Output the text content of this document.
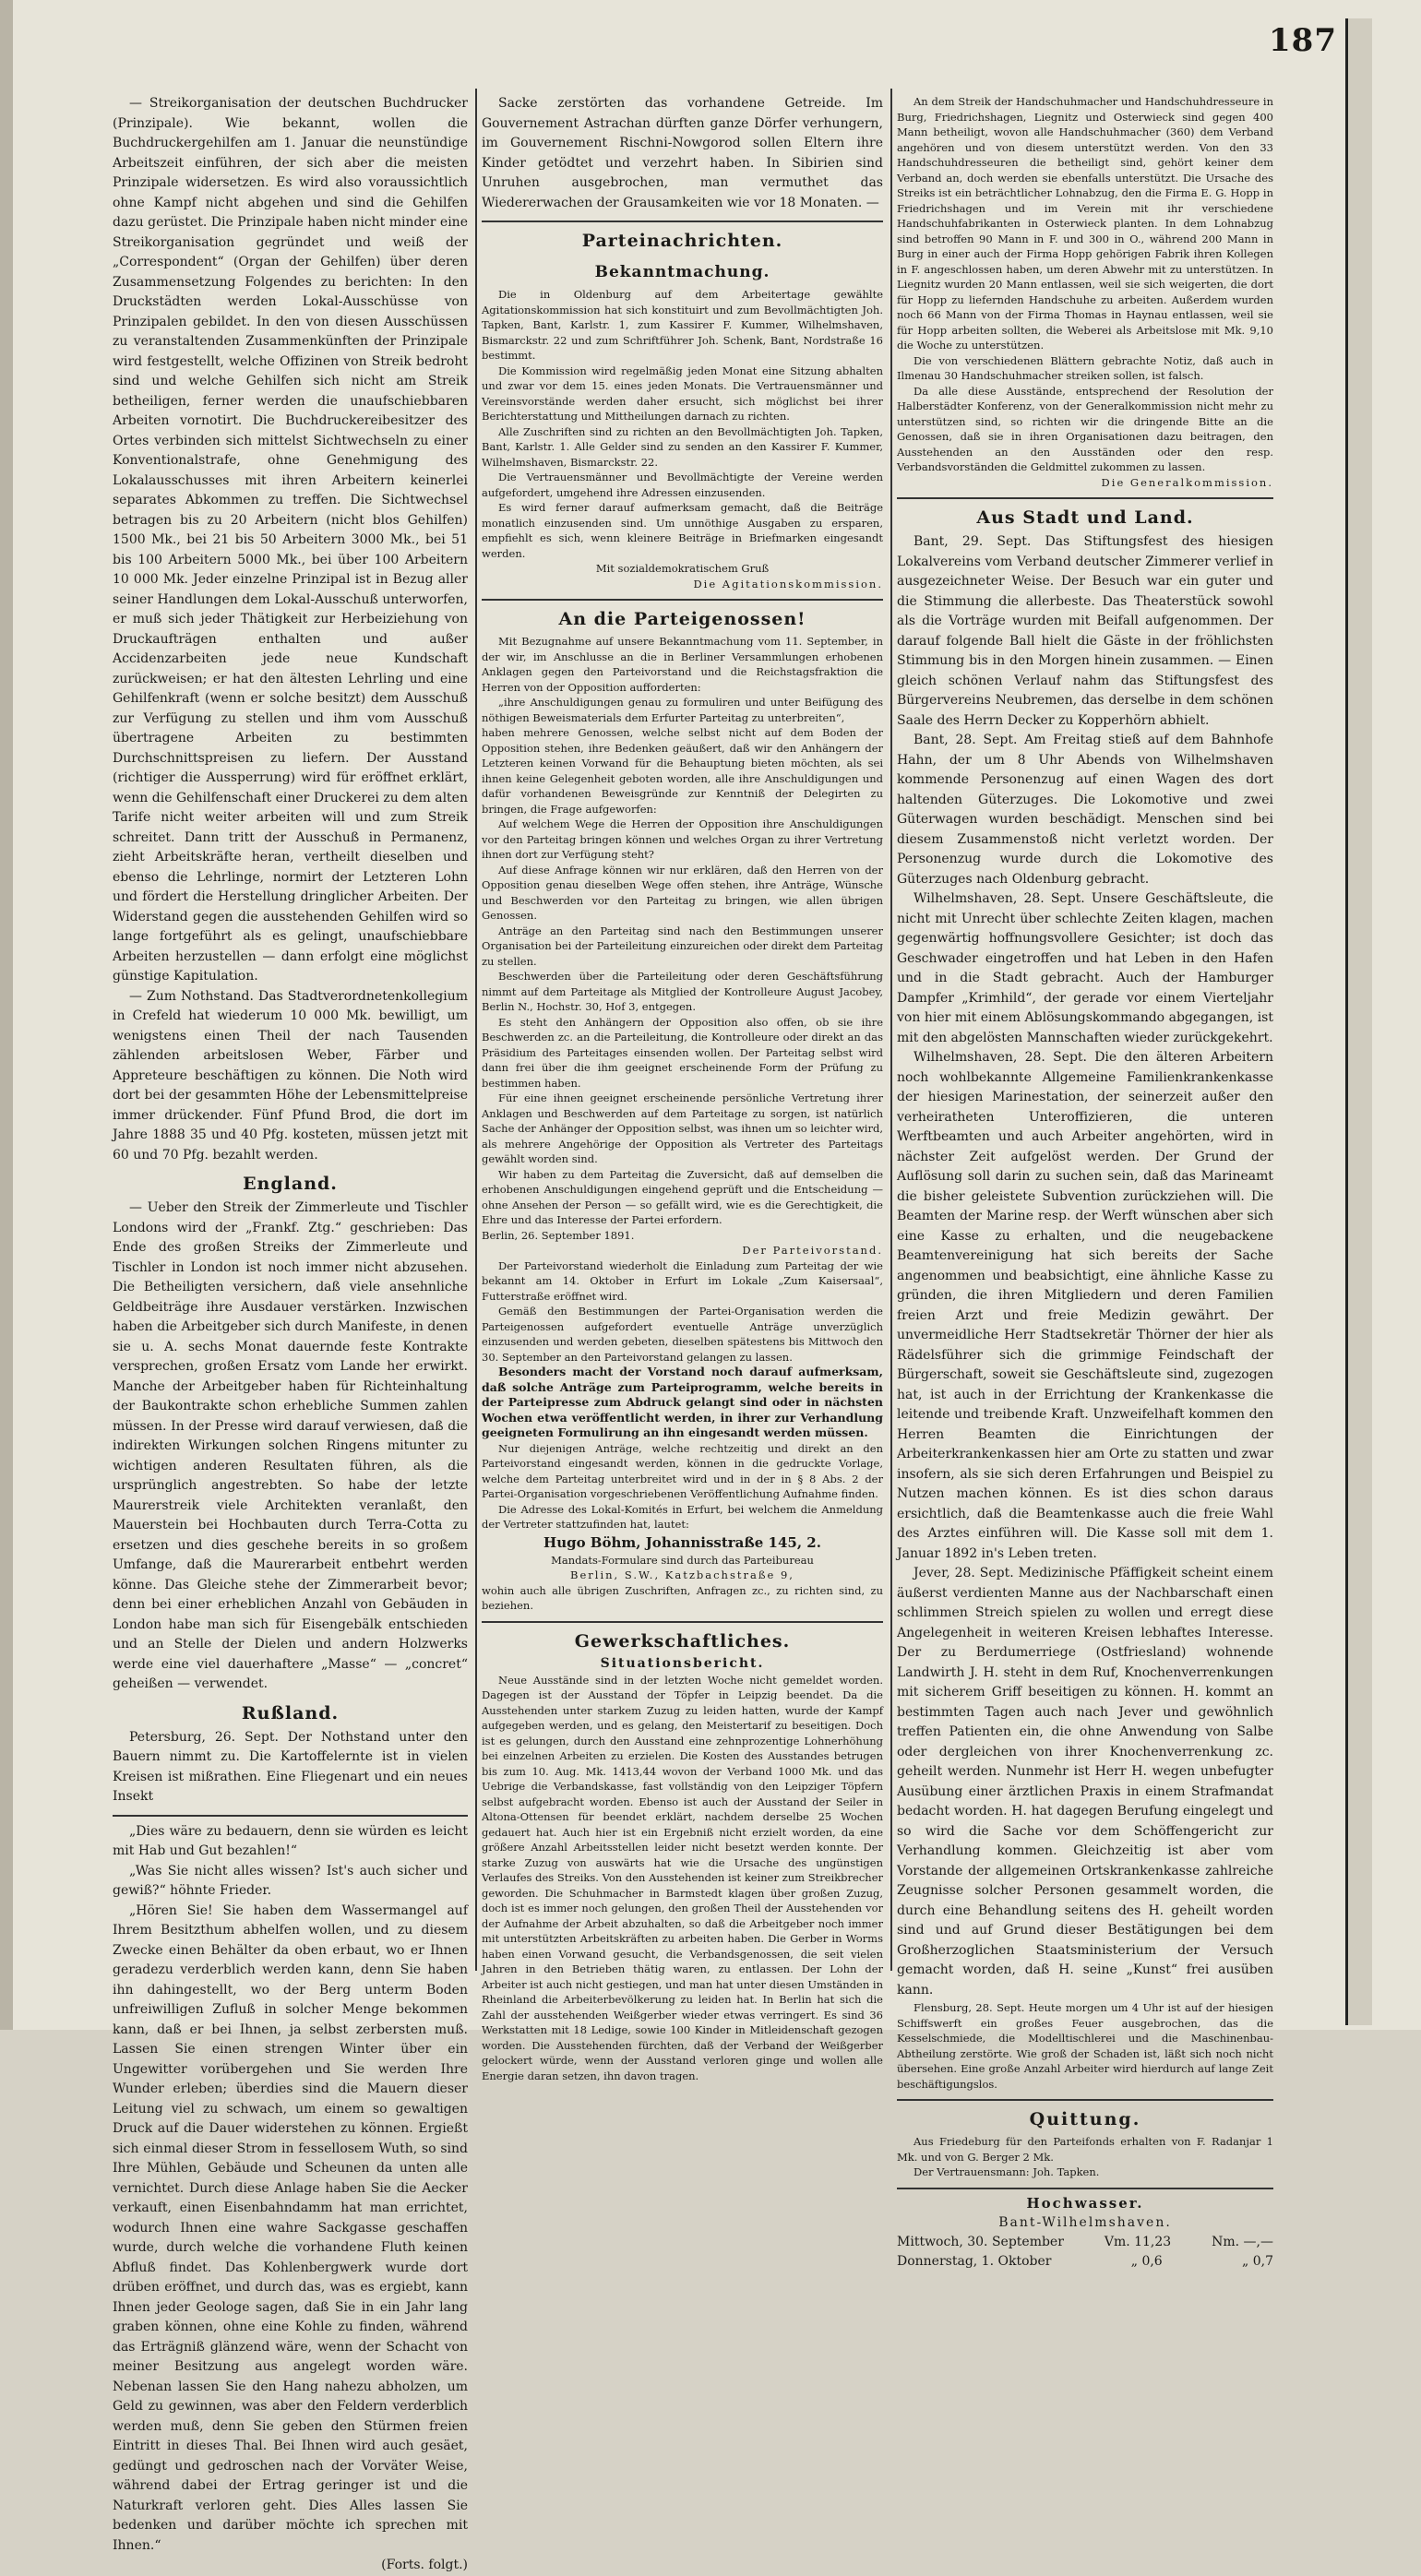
187

— Streikorganisation der deutschen Buchdrucker (Prinzipale). Wie bekannt, wollen die Buchdruckergehilfen am 1. Januar die neunstündige Arbeitszeit einführen, der sich aber die meisten Prinzipale widersetzen. Es wird also voraussichtlich ohne Kampf nicht abgehen und sind die Gehilfen dazu gerüstet. Die Prinzipale haben nicht minder eine Streikorganisation gegründet und weiß der „Correspondent“ (Organ der Gehilfen) über deren Zusammensetzung Folgendes zu berichten: In den Druckstädten werden Lokal-Ausschüsse von Prinzipalen gebildet. In den von diesen Ausschüssen zu veranstaltenden Zusammenkünften der Prinzipale wird festgestellt, welche Offizinen von Streik bedroht sind und welche Gehilfen sich nicht am Streik betheiligen, ferner werden die unaufschiebbaren Arbeiten vornotirt. Die Buchdruckereibesitzer des Ortes verbinden sich mittelst Sichtwechseln zu einer Konventionalstrafe, ohne Genehmigung des Lokalausschusses mit ihren Arbeitern keinerlei separates Abkommen zu treffen. Die Sichtwechsel betragen bis zu 20 Arbeitern (nicht blos Gehilfen) 1500 Mk., bei 21 bis 50 Arbeitern 3000 Mk., bei 51 bis 100 Arbeitern 5000 Mk., bei über 100 Arbeitern 10 000 Mk. Jeder einzelne Prinzipal ist in Bezug aller seiner Handlungen dem Lokal-Ausschuß unterworfen, er muß sich jeder Thätigkeit zur Herbeiziehung von Druckaufträgen enthalten und außer Accidenzarbeiten jede neue Kundschaft zurückweisen; er hat den ältesten Lehrling und eine Gehilfenkraft (wenn er solche besitzt) dem Ausschuß zur Verfügung zu stellen und ihm vom Ausschuß übertragene Arbeiten zu bestimmten Durchschnittspreisen zu liefern. Der Ausstand (richtiger die Aussperrung) wird für eröffnet erklärt, wenn die Gehilfenschaft einer Druckerei zu dem alten Tarife nicht weiter arbeiten will und zum Streik schreitet. Dann tritt der Ausschuß in Permanenz, zieht Arbeitskräfte heran, vertheilt dieselben und ebenso die Lehrlinge, normirt der Letzteren Lohn und fördert die Herstellung dringlicher Arbeiten. Der Widerstand gegen die ausstehenden Gehilfen wird so lange fortgeführt als es gelingt, unaufschiebbare Arbeiten herzustellen — dann erfolgt eine möglichst günstige Kapitulation.

— Zum Nothstand. Das Stadtverordnetenkollegium in Crefeld hat wiederum 10 000 Mk. bewilligt, um wenigstens einen Theil der nach Tausenden zählenden arbeitslosen Weber, Färber und Appreteure beschäftigen zu können. Die Noth wird dort bei der gesammten Höhe der Lebensmittelpreise immer drückender. Fünf Pfund Brod, die dort im Jahre 1888 35 und 40 Pfg. kosteten, müssen jetzt mit 60 und 70 Pfg. bezahlt werden.

England.

— Ueber den Streik der Zimmerleute und Tischler Londons wird der „Frankf. Ztg.“ geschrieben: Das Ende des großen Streiks der Zimmerleute und Tischler in London ist noch immer nicht abzusehen. Die Betheiligten versichern, daß viele ansehnliche Geldbeiträge ihre Ausdauer verstärken. Inzwischen haben die Arbeitgeber sich durch Manifeste, in denen sie u. A. sechs Monat dauernde feste Kontrakte versprechen, großen Ersatz vom Lande her erwirkt. Manche der Arbeitgeber haben für Richteinhaltung der Baukontrakte schon erhebliche Summen zahlen müssen. In der Presse wird darauf verwiesen, daß die indirekten Wirkungen solchen Ringens mitunter zu wichtigen anderen Resultaten führen, als die ursprünglich angestrebten. So habe der letzte Maurerstreik viele Architekten veranlaßt, den Mauerstein bei Hochbauten durch Terra-Cotta zu ersetzen und dies geschehe bereits in so großem Umfange, daß die Maurerarbeit entbehrt werden könne. Das Gleiche stehe der Zimmerarbeit bevor; denn bei einer erheblichen Anzahl von Gebäuden in London habe man sich für Eisengebälk entschieden und an Stelle der Dielen und andern Holzwerks werde eine viel dauerhaftere „Masse“ — „concret“ geheißen — verwendet.

Rußland.

Petersburg, 26. Sept. Der Nothstand unter den Bauern nimmt zu. Die Kartoffelernte ist in vielen Kreisen ist mißrathen. Eine Fliegenart und ein neues Insekt

„Dies wäre zu bedauern, denn sie würden es leicht mit Hab und Gut bezahlen!“

„Was Sie nicht alles wissen? Ist's auch sicher und gewiß?“ höhnte Frieder.

„Hören Sie! Sie haben dem Wassermangel auf Ihrem Besitzthum abhelfen wollen, und zu diesem Zwecke einen Behälter da oben erbaut, wo er Ihnen geradezu verderblich werden kann, denn Sie haben ihn dahingestellt, wo der Berg unterm Boden unfreiwilligen Zufluß in solcher Menge bekommen kann, daß er bei Ihnen, ja selbst zerbersten muß. Lassen Sie einen strengen Winter über ein Ungewitter vorübergehen und Sie werden Ihre Wunder erleben; überdies sind die Mauern dieser Leitung viel zu schwach, um einem so gewaltigen Druck auf die Dauer widerstehen zu können. Ergießt sich einmal dieser Strom in fessellosem Wuth, so sind Ihre Mühlen, Gebäude und Scheunen da unten alle vernichtet. Durch diese Anlage haben Sie die Aecker verkauft, einen Eisenbahndamm hat man errichtet, wodurch Ihnen eine wahre Sackgasse geschaffen wurde, durch welche die vorhandene Fluth keinen Abfluß findet. Das Kohlenbergwerk wurde dort drüben eröffnet, und durch das, was es ergiebt, kann Ihnen jeder Geologe sagen, daß Sie in ein Jahr lang graben können, ohne eine Kohle zu finden, während das Erträgniß glänzend wäre, wenn der Schacht von meiner Besitzung aus angelegt worden wäre. Nebenan lassen Sie den Hang nahezu abholzen, um Geld zu gewinnen, was aber den Feldern verderblich werden muß, denn Sie geben den Stürmen freien Eintritt in dieses Thal. Bei Ihnen wird auch gesäet, gedüngt und gedroschen nach der Vorväter Weise, während dabei der Ertrag geringer ist und die Naturkraft verloren geht. Dies Alles lassen Sie bedenken und darüber möchte ich sprechen mit Ihnen.“

(Forts. folgt.)

Sacke zerstörten das vorhandene Getreide. Im Gouvernement Astrachan dürften ganze Dörfer verhungern, im Gouvernement Rischni-Nowgorod sollen Eltern ihre Kinder getödtet und verzehrt haben. In Sibirien sind Unruhen ausgebrochen, man vermuthet das Wiedererwachen der Grausamkeiten wie vor 18 Monaten. —

Parteinachrichten.
Bekanntmachung.

Die in Oldenburg auf dem Arbeitertage gewählte Agitationskommission hat sich konstituirt und zum Bevollmächtigten Joh. Tapken, Bant, Karlstr. 1, zum Kassirer F. Kummer, Wilhelmshaven, Bismarckstr. 22 und zum Schriftführer Joh. Schenk, Bant, Nordstraße 16 bestimmt.

Die Kommission wird regelmäßig jeden Monat eine Sitzung abhalten und zwar vor dem 15. eines jeden Monats. Die Vertrauensmänner und Vereinsvorstände werden daher ersucht, sich möglichst bei ihrer Berichterstattung und Mittheilungen darnach zu richten.

Alle Zuschriften sind zu richten an den Bevollmächtigten Joh. Tapken, Bant, Karlstr. 1. Alle Gelder sind zu senden an den Kassirer F. Kummer, Wilhelmshaven, Bismarckstr. 22.

Die Vertrauensmänner und Bevollmächtigte der Vereine werden aufgefordert, umgehend ihre Adressen einzusenden.

Es wird ferner darauf aufmerksam gemacht, daß die Beiträge monatlich einzusenden sind. Um unnöthige Ausgaben zu ersparen, empfiehlt es sich, wenn kleinere Beiträge in Briefmarken eingesandt werden.

Mit sozialdemokratischem Gruß

Die Agitationskommission.

An die Parteigenossen!

Mit Bezugnahme auf unsere Bekanntmachung vom 11. September, in der wir, im Anschlusse an die in Berliner Versammlungen erhobenen Anklagen gegen den Parteivorstand und die Reichstagsfraktion die Herren von der Opposition aufforderten:

„ihre Anschuldigungen genau zu formuliren und unter Beifügung des nöthigen Beweismaterials dem Erfurter Parteitag zu unterbreiten“,

haben mehrere Genossen, welche selbst nicht auf dem Boden der Opposition stehen, ihre Bedenken geäußert, daß wir den Anhängern der Letzteren keinen Vorwand für die Behauptung bieten möchten, als sei ihnen keine Gelegenheit geboten worden, alle ihre Anschuldigungen und dafür vorhandenen Beweisgründe zur Kenntniß der Delegirten zu bringen, die Frage aufgeworfen:

Auf welchem Wege die Herren der Opposition ihre Anschuldigungen vor den Parteitag bringen können und welches Organ zu ihrer Vertretung ihnen dort zur Verfügung steht?

Auf diese Anfrage können wir nur erklären, daß den Herren von der Opposition genau dieselben Wege offen stehen, ihre Anträge, Wünsche und Beschwerden vor den Parteitag zu bringen, wie allen übrigen Genossen.

Anträge an den Parteitag sind nach den Bestimmungen unserer Organisation bei der Parteileitung einzureichen oder direkt dem Parteitag zu stellen.

Beschwerden über die Parteileitung oder deren Geschäftsführung nimmt auf dem Parteitage als Mitglied der Kontrolleure August Jacobey, Berlin N., Hochstr. 30, Hof 3, entgegen.

Es steht den Anhängern der Opposition also offen, ob sie ihre Beschwerden zc. an die Parteileitung, die Kontrolleure oder direkt an das Präsidium des Parteitages einsenden wollen. Der Parteitag selbst wird dann frei über die ihm geeignet erscheinende Form der Prüfung zu bestimmen haben.

Für eine ihnen geeignet erscheinende persönliche Vertretung ihrer Anklagen und Beschwerden auf dem Parteitage zu sorgen, ist natürlich Sache der Anhänger der Opposition selbst, was ihnen um so leichter wird, als mehrere Angehörige der Opposition als Vertreter des Parteitags gewählt worden sind.

Wir haben zu dem Parteitag die Zuversicht, daß auf demselben die erhobenen Anschuldigungen eingehend geprüft und die Entscheidung — ohne Ansehen der Person — so gefällt wird, wie es die Gerechtigkeit, die Ehre und das Interesse der Partei erfordern.

Berlin, 26. September 1891.

Der Parteivorstand.

Der Parteivorstand wiederholt die Einladung zum Parteitag der wie bekannt am 14. Oktober in Erfurt im Lokale „Zum Kaisersaal“, Futterstraße eröffnet wird.

Gemäß den Bestimmungen der Partei-Organisation werden die Parteigenossen aufgefordert eventuelle Anträge unverzüglich einzusenden und werden gebeten, dieselben spätestens bis Mittwoch den 30. September an den Parteivorstand gelangen zu lassen.

Besonders macht der Vorstand noch darauf aufmerksam, daß solche Anträge zum Parteiprogramm, welche bereits in der Parteipresse zum Abdruck gelangt sind oder in nächsten Wochen etwa veröffentlicht werden, in ihrer zur Verhandlung geeigneten Formulirung an ihn eingesandt werden müssen.

Nur diejenigen Anträge, welche rechtzeitig und direkt an den Parteivorstand eingesandt werden, können in die gedruckte Vorlage, welche dem Parteitag unterbreitet wird und in der in § 8 Abs. 2 der Partei-Organisation vorgeschriebenen Veröffentlichung Aufnahme finden.

Die Adresse des Lokal-Komités in Erfurt, bei welchem die Anmeldung der Vertreter stattzufinden hat, lautet:

Hugo Böhm, Johannisstraße 145, 2.

Mandats-Formulare sind durch das Parteibureau

Berlin, S.W., Katzbachstraße 9,

wohin auch alle übrigen Zuschriften, Anfragen zc., zu richten sind, zu beziehen.

Gewerkschaftliches.
Situationsbericht.

Neue Ausstände sind in der letzten Woche nicht gemeldet worden. Dagegen ist der Ausstand der Töpfer in Leipzig beendet. Da die Ausstehenden unter starkem Zuzug zu leiden hatten, wurde der Kampf aufgegeben werden, und es gelang, den Meistertarif zu beseitigen. Doch ist es gelungen, durch den Ausstand eine zehnprozentige Lohnerhöhung bei einzelnen Arbeiten zu erzielen. Die Kosten des Ausstandes betrugen bis zum 10. Aug. Mk. 1413,44 wovon der Verband 1000 Mk. und das Uebrige die Verbandskasse, fast vollständig von den Leipziger Töpfern selbst aufgebracht worden. Ebenso ist auch der Ausstand der Seiler in Altona-Ottensen für beendet erklärt, nachdem derselbe 25 Wochen gedauert hat. Auch hier ist ein Ergebniß nicht erzielt worden, da eine größere Anzahl Arbeitsstellen leider nicht besetzt werden konnte. Der starke Zuzug von auswärts hat wie die Ursache des ungünstigen Verlaufes des Streiks. Von den Ausstehenden ist keiner zum Streikbrecher geworden. Die Schuhmacher in Barmstedt klagen über großen Zuzug, doch ist es immer noch gelungen, den großen Theil der Ausstehenden vor der Aufnahme der Arbeit abzuhalten, so daß die Arbeitgeber noch immer mit unterstützten Arbeitskräften zu arbeiten haben. Die Gerber in Worms haben einen Vorwand gesucht, die Verbandsgenossen, die seit vielen Jahren in den Betrieben thätig waren, zu entlassen. Der Lohn der Arbeiter ist auch nicht gestiegen, und man hat unter diesen Umständen in Rheinland die Arbeiterbevölkerung zu leiden hat. In Berlin hat sich die Zahl der ausstehenden Weißgerber wieder etwas verringert. Es sind 36 Werkstatten mit 18 Ledige, sowie 100 Kinder in Mitleidenschaft gezogen worden. Die Ausstehenden fürchten, daß der Verband der Weißgerber gelockert würde, wenn der Ausstand verloren ginge und wollen alle Energie daran setzen, ihn davon tragen.

An dem Streik der Handschuhmacher und Handschuhdresseure in Burg, Friedrichshagen, Liegnitz und Osterwieck sind gegen 400 Mann betheiligt, wovon alle Handschuhmacher (360) dem Verband angehören und von diesem unterstützt werden. Von den 33 Handschuhdresseuren die betheiligt sind, gehört keiner dem Verband an, doch werden sie ebenfalls unterstützt. Die Ursache des Streiks ist ein beträchtlicher Lohnabzug, den die Firma E. G. Hopp in Friedrichshagen und im Verein mit ihr verschiedene Handschuhfabrikanten in Osterwieck planten. In dem Lohnabzug sind betroffen 90 Mann in F. und 300 in O., während 200 Mann in Burg in einer auch der Firma Hopp gehörigen Fabrik ihren Kollegen in F. angeschlossen haben, um deren Abwehr mit zu unterstützen. In Liegnitz wurden 20 Mann entlassen, weil sie sich weigerten, die dort für Hopp zu liefernden Handschuhe zu arbeiten. Außerdem wurden noch 66 Mann von der Firma Thomas in Haynau entlassen, weil sie für Hopp arbeiten sollten, die Weberei als Arbeitslose mit Mk. 9,10 die Woche zu unterstützen.

Die von verschiedenen Blättern gebrachte Notiz, daß auch in Ilmenau 30 Handschuhmacher streiken sollen, ist falsch.

Da alle diese Ausstände, entsprechend der Resolution der Halberstädter Konferenz, von der Generalkommission nicht mehr zu unterstützen sind, so richten wir die dringende Bitte an die Genossen, daß sie in ihren Organisationen dazu beitragen, den Ausstehenden an den Ausständen oder den resp. Verbandsvorständen die Geldmittel zukommen zu lassen.

Die Generalkommission.

Aus Stadt und Land.

Bant, 29. Sept. Das Stiftungsfest des hiesigen Lokalvereins vom Verband deutscher Zimmerer verlief in ausgezeichneter Weise. Der Besuch war ein guter und die Stimmung die allerbeste. Das Theaterstück sowohl als die Vorträge wurden mit Beifall aufgenommen. Der darauf folgende Ball hielt die Gäste in der fröhlichsten Stimmung bis in den Morgen hinein zusammen. — Einen gleich schönen Verlauf nahm das Stiftungsfest des Bürgervereins Neubremen, das derselbe in dem schönen Saale des Herrn Decker zu Kopperhörn abhielt.

Bant, 28. Sept. Am Freitag stieß auf dem Bahnhofe Hahn, der um 8 Uhr Abends von Wilhelmshaven kommende Personenzug auf einen Wagen des dort haltenden Güterzuges. Die Lokomotive und zwei Güterwagen wurden beschädigt. Menschen sind bei diesem Zusammenstoß nicht verletzt worden. Der Personenzug wurde durch die Lokomotive des Güterzuges nach Oldenburg gebracht.

Wilhelmshaven, 28. Sept. Unsere Geschäftsleute, die nicht mit Unrecht über schlechte Zeiten klagen, machen gegenwärtig hoffnungsvollere Gesichter; ist doch das Geschwader eingetroffen und hat Leben in den Hafen und in die Stadt gebracht. Auch der Hamburger Dampfer „Krimhild“, der gerade vor einem Vierteljahr von hier mit einem Ablösungskommando abgegangen, ist mit den abgelösten Mannschaften wieder zurückgekehrt.

Wilhelmshaven, 28. Sept. Die den älteren Arbeitern noch wohlbekannte Allgemeine Familienkrankenkasse der hiesigen Marinestation, der seinerzeit außer den verheiratheten Unteroffizieren, die unteren Werftbeamten und auch Arbeiter angehörten, wird in nächster Zeit aufgelöst werden. Der Grund der Auflösung soll darin zu suchen sein, daß das Marineamt die bisher geleistete Subvention zurückziehen will. Die Beamten der Marine resp. der Werft wünschen aber sich eine Kasse zu erhalten, und die neugebackene Beamtenvereinigung hat sich bereits der Sache angenommen und beabsichtigt, eine ähnliche Kasse zu gründen, die ihren Mitgliedern und deren Familien freien Arzt und freie Medizin gewährt. Der unvermeidliche Herr Stadtsekretär Thörner der hier als Rädelsführer sich die grimmige Feindschaft der Bürgerschaft, soweit sie Geschäftsleute sind, zugezogen hat, ist auch in der Errichtung der Krankenkasse die leitende und treibende Kraft. Unzweifelhaft kommen den Herren Beamten die Einrichtungen der Arbeiterkrankenkassen hier am Orte zu statten und zwar insofern, als sie sich deren Erfahrungen und Beispiel zu Nutzen machen können. Es ist dies schon daraus ersichtlich, daß die Beamtenkasse auch die freie Wahl des Arztes einführen will. Die Kasse soll mit dem 1. Januar 1892 in's Leben treten.

Jever, 28. Sept. Medizinische Pfäffigkeit scheint einem äußerst verdienten Manne aus der Nachbarschaft einen schlimmen Streich spielen zu wollen und erregt diese Angelegenheit in weiteren Kreisen lebhaftes Interesse. Der zu Berdumerriege (Ostfriesland) wohnende Landwirth J. H. steht in dem Ruf, Knochenverrenkungen mit sicherem Griff beseitigen zu können. H. kommt an bestimmten Tagen auch nach Jever und gewöhnlich treffen Patienten ein, die ohne Anwendung von Salbe oder dergleichen von ihrer Knochenverrenkung zc. geheilt werden. Nunmehr ist Herr H. wegen unbefugter Ausübung einer ärztlichen Praxis in einem Strafmandat bedacht worden. H. hat dagegen Berufung eingelegt und so wird die Sache vor dem Schöffengericht zur Verhandlung kommen. Gleichzeitig ist aber vom Vorstande der allgemeinen Ortskrankenkasse zahlreiche Zeugnisse solcher Personen gesammelt worden, die durch eine Behandlung seitens des H. geheilt worden sind und auf Grund dieser Bestätigungen bei dem Großherzoglichen Staatsministerium der Versuch gemacht worden, daß H. seine „Kunst“ frei ausüben kann.

Flensburg, 28. Sept. Heute morgen um 4 Uhr ist auf der hiesigen Schiffswerft ein großes Feuer ausgebrochen, das die Kesselschmiede, die Modelltischlerei und die Maschinenbau-Abtheilung zerstörte. Wie groß der Schaden ist, läßt sich noch nicht übersehen. Eine große Anzahl Arbeiter wird hierdurch auf lange Zeit beschäftigungslos.

Quittung.

Aus Friedeburg für den Parteifonds erhalten von F. Radanjar 1 Mk. und von G. Berger 2 Mk.

Der Vertrauensmann: Joh. Tapken.

Hochwasser.

Bant-Wilhelmshaven.

Mittwoch, 30. September	Vm. 11,23	Nm. —,—
Donnerstag, 1. Oktober	„ 0,6	„ 0,7
